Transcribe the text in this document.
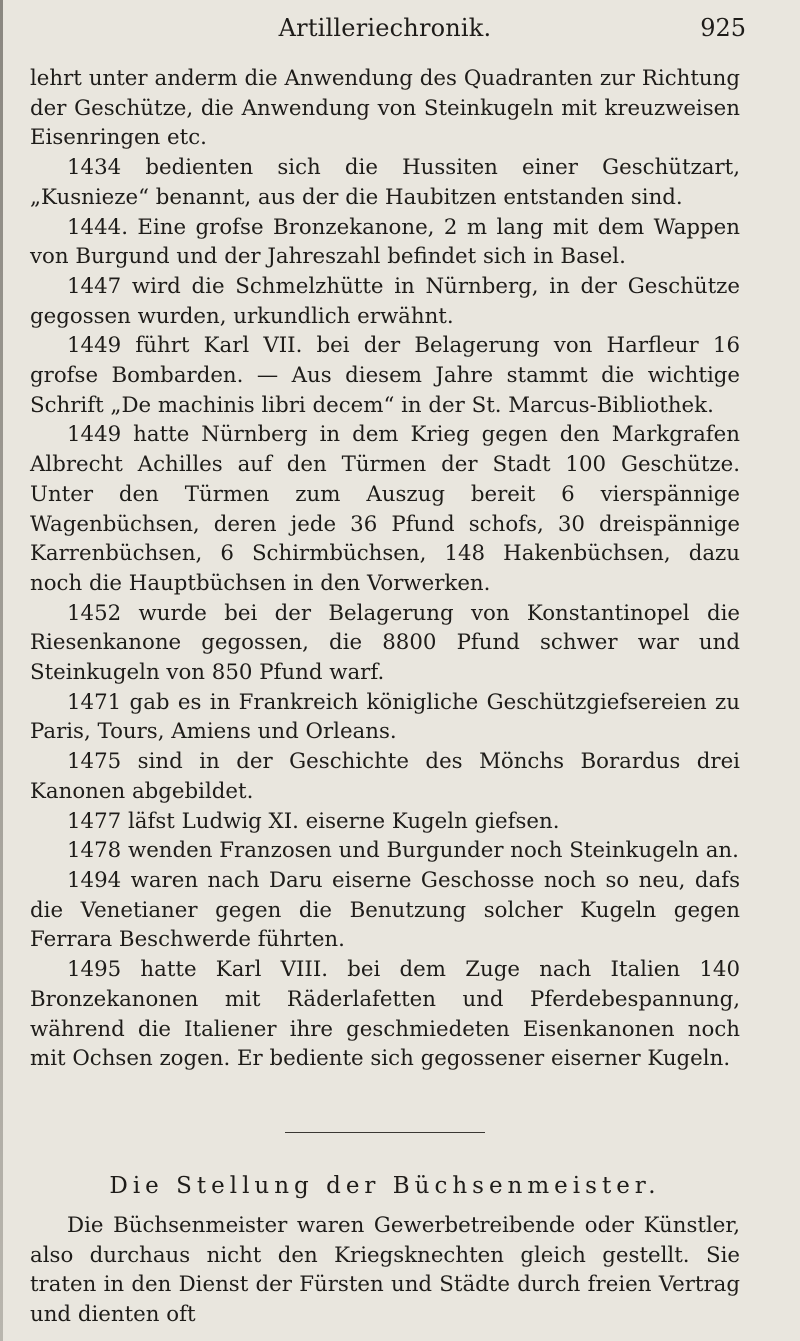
Artilleriechronik.	925

lehrt unter anderm die Anwendung des Quadranten zur Richtung der Geschütze, die Anwendung von Steinkugeln mit kreuzweisen Eisenringen etc.

1434 bedienten sich die Hussiten einer Geschützart, „Kusnieze“ benannt, aus der die Haubitzen entstanden sind.

1444. Eine grofse Bronzekanone, 2 m lang mit dem Wappen von Burgund und der Jahreszahl befindet sich in Basel.

1447 wird die Schmelzhütte in Nürnberg, in der Geschütze gegossen wurden, urkundlich erwähnt.

1449 führt Karl VII. bei der Belagerung von Harfleur 16 grofse Bombarden. — Aus diesem Jahre stammt die wichtige Schrift „De machinis libri decem“ in der St. Marcus-Bibliothek.

1449 hatte Nürnberg in dem Krieg gegen den Markgrafen Albrecht Achilles auf den Türmen der Stadt 100 Geschütze. Unter den Türmen zum Auszug bereit 6 vierspännige Wagenbüchsen, deren jede 36 Pfund schofs, 30 dreispännige Karrenbüchsen, 6 Schirmbüchsen, 148 Hakenbüchsen, dazu noch die Hauptbüchsen in den Vorwerken.

1452 wurde bei der Belagerung von Konstantinopel die Riesenkanone gegossen, die 8800 Pfund schwer war und Steinkugeln von 850 Pfund warf.

1471 gab es in Frankreich königliche Geschützgiefsereien zu Paris, Tours, Amiens und Orleans.

1475 sind in der Geschichte des Mönchs Borardus drei Kanonen abgebildet.

1477 läfst Ludwig XI. eiserne Kugeln giefsen.

1478 wenden Franzosen und Burgunder noch Steinkugeln an.

1494 waren nach Daru eiserne Geschosse noch so neu, dafs die Venetianer gegen die Benutzung solcher Kugeln gegen Ferrara Beschwerde führten.

1495 hatte Karl VIII. bei dem Zuge nach Italien 140 Bronzekanonen mit Räderlafetten und Pferdebespannung, während die Italiener ihre geschmiedeten Eisenkanonen noch mit Ochsen zogen. Er bediente sich gegossener eiserner Kugeln.

Die Stellung der Büchsenmeister.

Die Büchsenmeister waren Gewerbetreibende oder Künstler, also durchaus nicht den Kriegsknechten gleich gestellt. Sie traten in den Dienst der Fürsten und Städte durch freien Vertrag und dienten oft
